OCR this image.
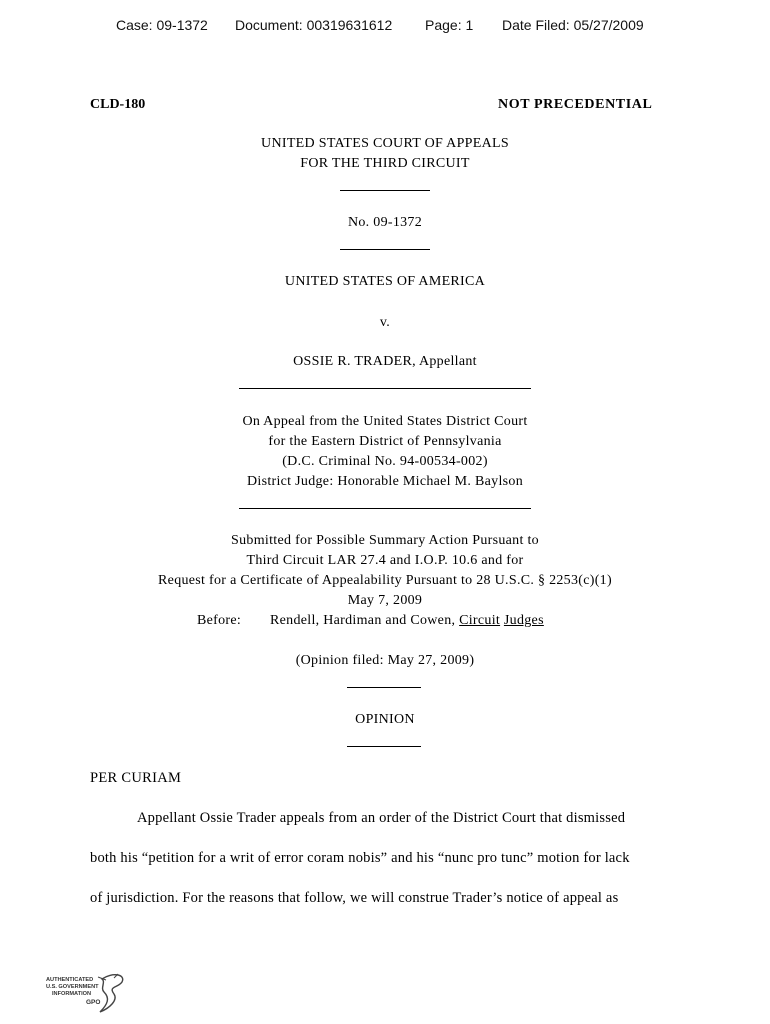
Case: 09-1372 Document: 00319631612 Page: 1 Date Filed: 05/27/2009
CLD-180	NOT PRECEDENTIAL
UNITED STATES COURT OF APPEALS
FOR THE THIRD CIRCUIT
No. 09-1372
UNITED STATES OF AMERICA
v.
OSSIE R. TRADER, Appellant
On Appeal from the United States District Court
for the Eastern District of Pennsylvania
(D.C. Criminal No. 94-00534-002)
District Judge: Honorable Michael M. Baylson
Submitted for Possible Summary Action Pursuant to
Third Circuit LAR 27.4 and I.O.P. 10.6 and for
Request for a Certificate of Appealability Pursuant to 28 U.S.C. § 2253(c)(1)
May 7, 2009
Before: Rendell, Hardiman and Cowen, Circuit Judges
(Opinion filed: May 27, 2009)
OPINION
PER CURIAM
Appellant Ossie Trader appeals from an order of the District Court that dismissed
both his “petition for a writ of error coram nobis” and his “nunc pro tunc” motion for lack
of jurisdiction. For the reasons that follow, we will construe Trader’s notice of appeal as
AUTHENTICATED
U.S. GOVERNMENT
INFORMATION
GPO
